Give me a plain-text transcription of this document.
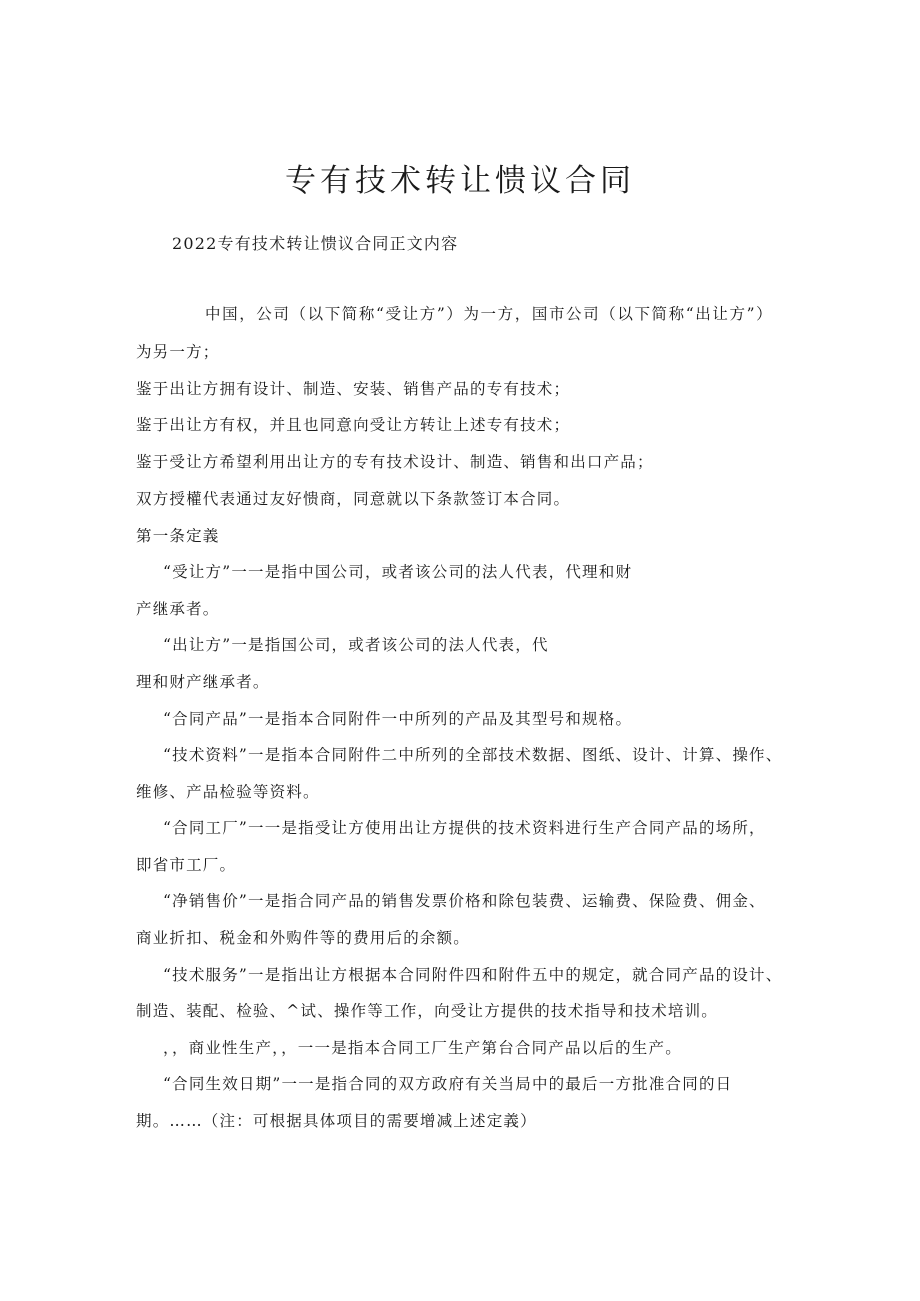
专有技术转让愦议合同
2022专有技术转让愦议合同正文内容
中国，公司（以下简称“受让方”）为一方，国市公司（以下简称“出让方”）
为另一方；
鉴于出让方拥有设计、制造、安装、销售产品的专有技术；
鉴于出让方有权，并且也同意向受让方转让上述专有技术；
鉴于受让方希望利用出让方的专有技术设计、制造、销售和出口产品；
双方授權代表通过友好愦商，同意就以下条款签订本合同。
第一条定義
“受让方”一一是指中国公司，或者该公司的法人代表，代理和财
产继承者。
“出让方”一是指国公司，或者该公司的法人代表，代
理和财产继承者。
“合同产品”一是指本合同附件一中所列的产品及其型号和规格。
“技术资料”一是指本合同附件二中所列的全部技术数据、图纸、设计、计算、操作、
维修、产品检验等资料。
“合同工厂”一一是指受让方使用出让方提供的技术资料进行生产合同产品的场所，
即省市工厂。
“净销售价”一是指合同产品的销售发票价格和除包装费、运输费、保险费、佣金、
商业折扣、税金和外购件等的费用后的余额。
“技术服务”一是指出让方根据本合同附件四和附件五中的规定，就合同产品的设计、
制造、装配、检验、^试、操作等工作，向受让方提供的技术指导和技术培训。
，，商业性生产，，一一是指本合同工厂生产第台合同产品以后的生产。
“合同生效日期”一一是指合同的双方政府有关当局中的最后一方批准合同的日
期。……（注：可根据具体项目的需要增减上述定義）
